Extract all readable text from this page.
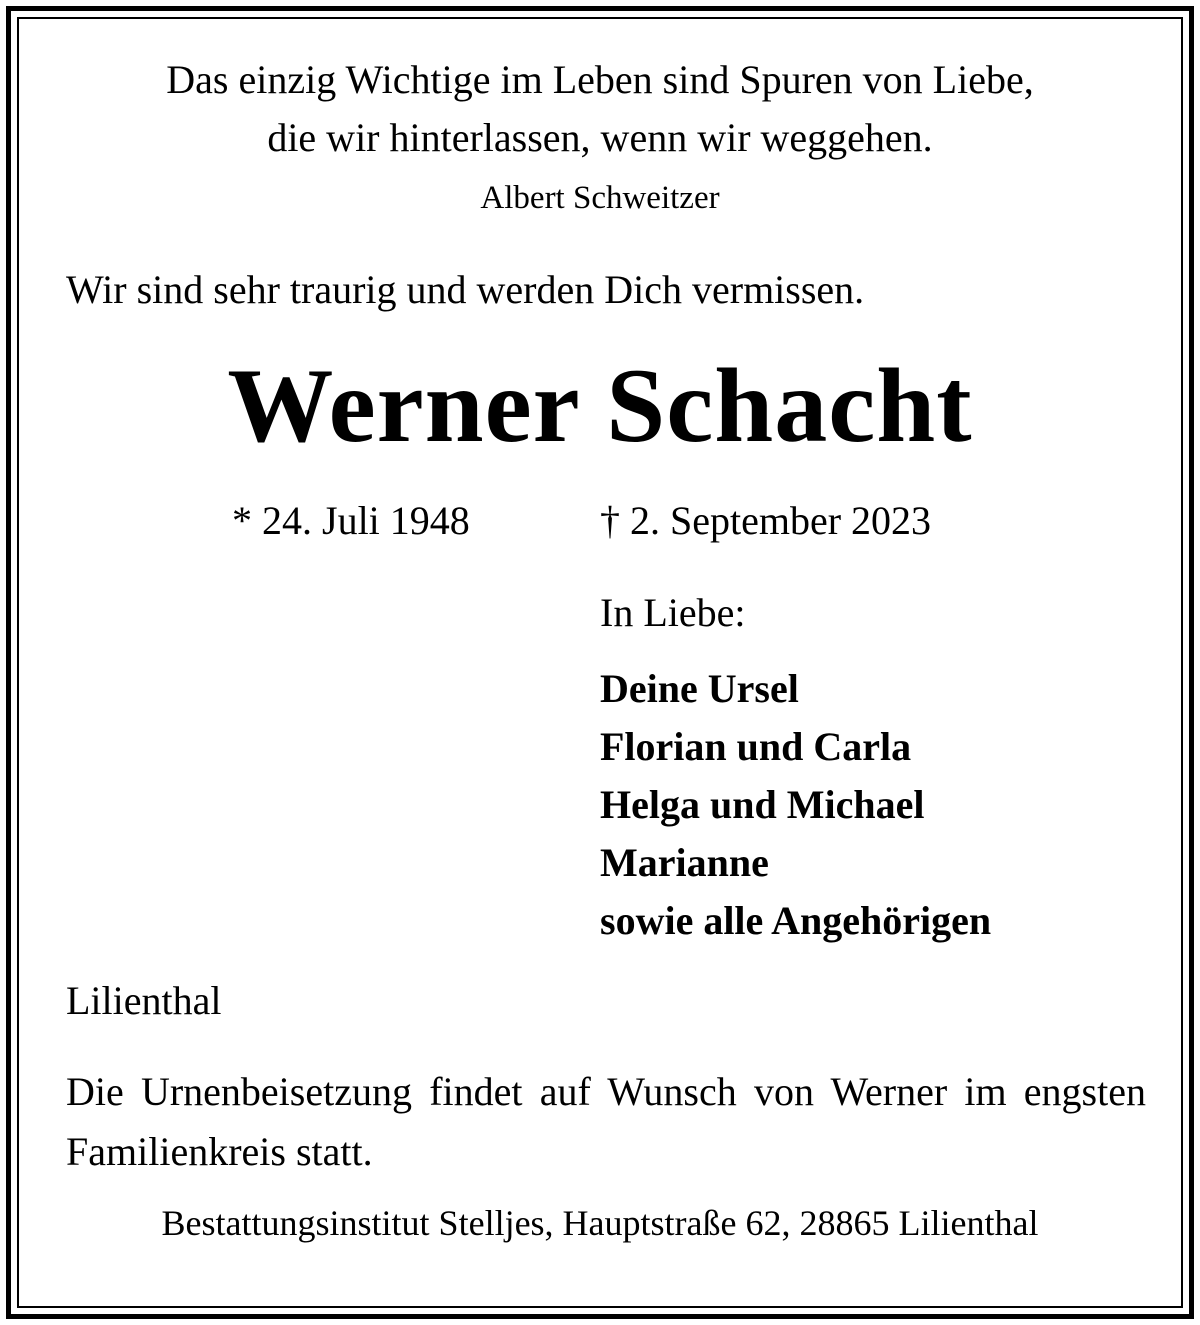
Das einzig Wichtige im Leben sind Spuren von Liebe,
die wir hinterlassen, wenn wir weggehen.
Albert Schweitzer
Wir sind sehr traurig und werden Dich vermissen.
Werner Schacht
* 24. Juli 1948	† 2. September 2023
In Liebe:
Deine Ursel
Florian und Carla
Helga und Michael
Marianne
sowie alle Angehörigen
Lilienthal
Die Urnenbeisetzung findet auf Wunsch von Werner im engsten Familienkreis statt.
Bestattungsinstitut Stelljes, Hauptstraße 62, 28865 Lilienthal
